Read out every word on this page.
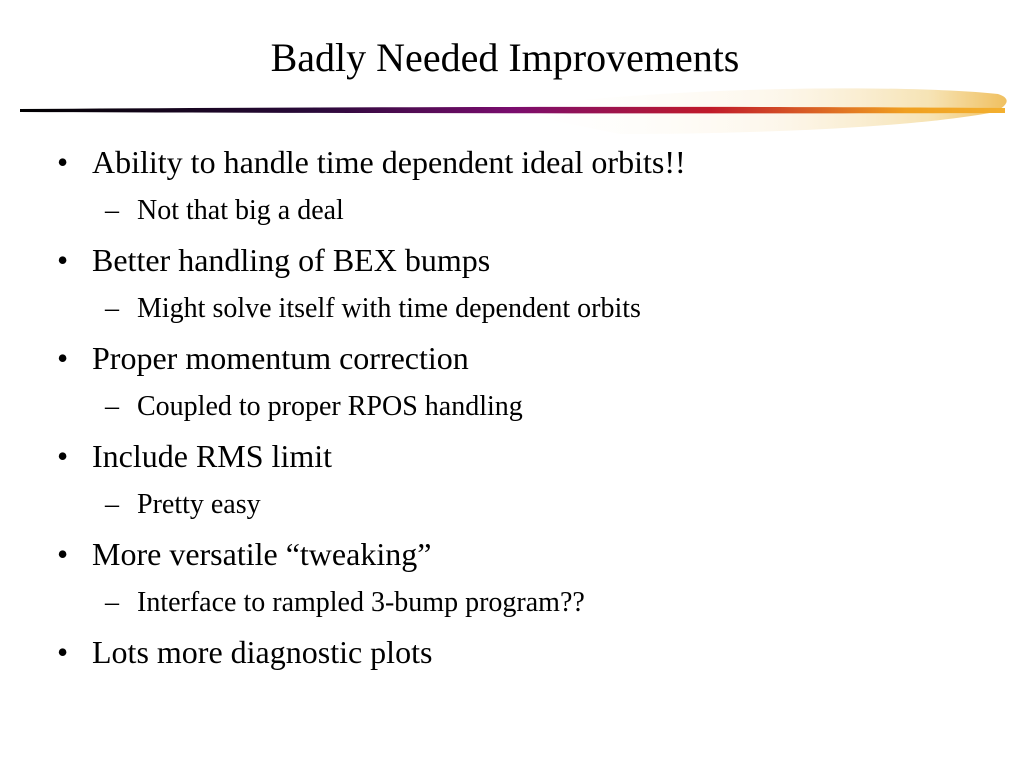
Badly Needed Improvements
• Ability to handle time dependent ideal orbits!!
– Not that big a deal
• Better handling of BEX bumps
– Might solve itself with time dependent orbits
• Proper momentum correction
– Coupled to proper RPOS handling
• Include RMS limit
– Pretty easy
• More versatile “tweaking”
– Interface to rampled 3-bump program??
• Lots more diagnostic plots
